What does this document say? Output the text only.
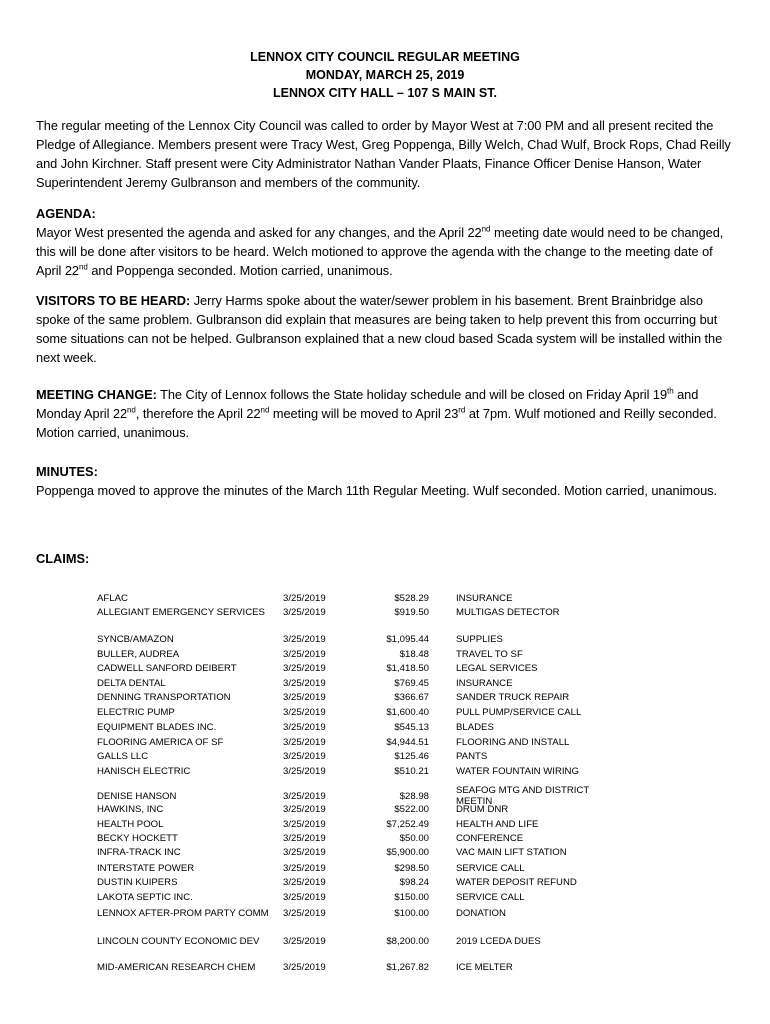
LENNOX CITY COUNCIL REGULAR MEETING
MONDAY, MARCH 25, 2019
LENNOX CITY HALL – 107 S MAIN ST.
The regular meeting of the Lennox City Council was called to order by Mayor West at 7:00 PM and all present recited the Pledge of Allegiance. Members present were Tracy West, Greg Poppenga, Billy Welch, Chad Wulf, Brock Rops, Chad Reilly and John Kirchner. Staff present were City Administrator Nathan Vander Plaats, Finance Officer Denise Hanson, Water Superintendent Jeremy Gulbranson and members of the community.
AGENDA:
Mayor West presented the agenda and asked for any changes, and the April 22nd meeting date would need to be changed, this will be done after visitors to be heard. Welch motioned to approve the agenda with the change to the meeting date of April 22nd and Poppenga seconded. Motion carried, unanimous.
VISITORS TO BE HEARD: Jerry Harms spoke about the water/sewer problem in his basement. Brent Brainbridge also spoke of the same problem. Gulbranson did explain that measures are being taken to help prevent this from occurring but some situations can not be helped. Gulbranson explained that a new cloud based Scada system will be installed within the next week.
MEETING CHANGE: The City of Lennox follows the State holiday schedule and will be closed on Friday April 19th and Monday April 22nd, therefore the April 22nd meeting will be moved to April 23rd at 7pm. Wulf motioned and Reilly seconded. Motion carried, unanimous.
MINUTES:
Poppenga moved to approve the minutes of the March 11th Regular Meeting. Wulf seconded. Motion carried, unanimous.
CLAIMS:
AFLAC	3/25/2019	$528.29	INSURANCE
ALLEGIANT EMERGENCY SERVICES	3/25/2019	$919.50	MULTIGAS DETECTOR
SYNCB/AMAZON	3/25/2019	$1,095.44	SUPPLIES
BULLER, AUDREA	3/25/2019	$18.48	TRAVEL TO SF
CADWELL SANFORD DEIBERT	3/25/2019	$1,418.50	LEGAL SERVICES
DELTA DENTAL	3/25/2019	$769.45	INSURANCE
DENNING TRANSPORTATION	3/25/2019	$366.67	SANDER TRUCK REPAIR
ELECTRIC PUMP	3/25/2019	$1,600.40	PULL PUMP/SERVICE CALL
EQUIPMENT BLADES INC.	3/25/2019	$545.13	BLADES
FLOORING AMERICA OF SF	3/25/2019	$4,944.51	FLOORING AND INSTALL
GALLS LLC	3/25/2019	$125.46	PANTS
HANISCH ELECTRIC	3/25/2019	$510.21	WATER FOUNTAIN WIRING
DENISE HANSON	3/25/2019	$28.98	SEAFOG MTG AND DISTRICT MEETIN
HAWKINS, INC	3/25/2019	$522.00	DRUM DNR
HEALTH POOL	3/25/2019	$7,252.49	HEALTH AND LIFE
BECKY HOCKETT	3/25/2019	$50.00	CONFERENCE
INFRA-TRACK INC	3/25/2019	$5,900.00	VAC MAIN LIFT STATION
INTERSTATE POWER	3/25/2019	$298.50	SERVICE CALL
DUSTIN KUIPERS	3/25/2019	$98.24	WATER DEPOSIT REFUND
LAKOTA SEPTIC INC.	3/25/2019	$150.00	SERVICE CALL
LENNOX AFTER-PROM PARTY COMM	3/25/2019	$100.00	DONATION
LINCOLN COUNTY ECONOMIC DEV	3/25/2019	$8,200.00	2019 LCEDA DUES
MID-AMERICAN RESEARCH CHEM	3/25/2019	$1,267.82	ICE MELTER
